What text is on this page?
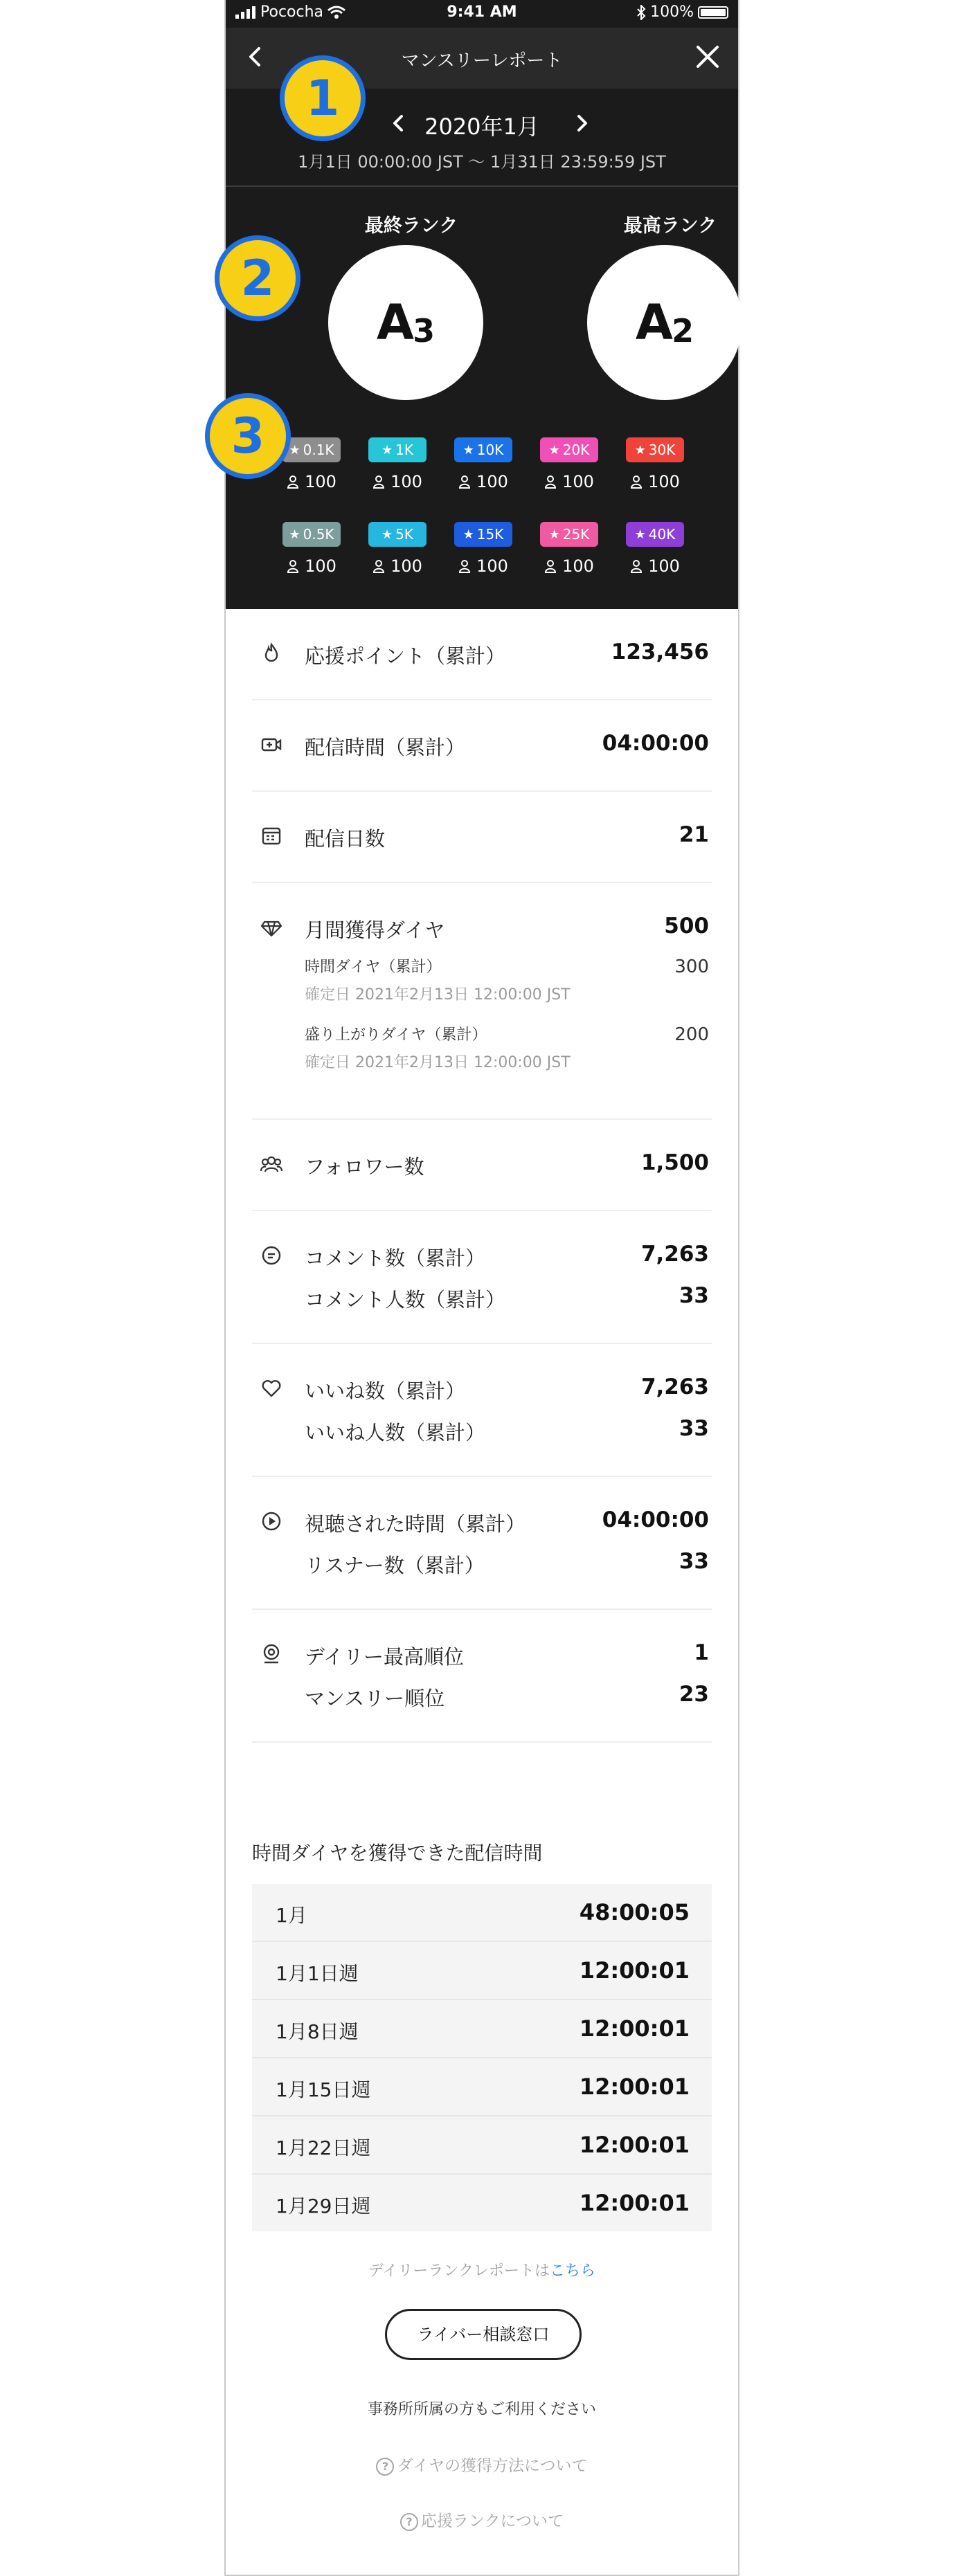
Pococha	9:41 AM	100%
マンスリーレポート
2020年1月
1月1日 00:00:00 JST 〜 1月31日 23:59:59 JST
最終ランク
$A_3$
最高ランク
$A_2$
★ 0.1K
100
★ 1K
100
★ 10K
100
★ 20K
100
★ 30K
100
★ 0.5K
100
★ 5K
100
★ 15K
100
★ 25K
100
★ 40K
100
1
2
3
応援ポイント（累計）	123,456
配信時間（累計）	04:00:00
配信日数	21
月間獲得ダイヤ	500
時間ダイヤ（累計）
確定日 2021年2月13日 12:00:00 JST
300
盛り上がりダイヤ（累計）
確定日 2021年2月13日 12:00:00 JST
200
フォロワー数	1,500
コメント数（累計）	7,263
コメント人数（累計）	33
いいね数（累計）	7,263
いいね人数（累計）	33
視聴された時間（累計）	04:00:00
リスナー数（累計）	33
デイリー最高順位	1
マンスリー順位	23
時間ダイヤを獲得できた配信時間
1月	48:00:05
1月1日週	12:00:01
1月8日週	12:00:01
1月15日週	12:00:01
1月22日週	12:00:01
1月29日週	12:00:01
デイリーランクレポートはこちら
ライバー相談窓口
事務所所属の方もご利用ください
? ダイヤの獲得方法について
? 応援ランクについて
